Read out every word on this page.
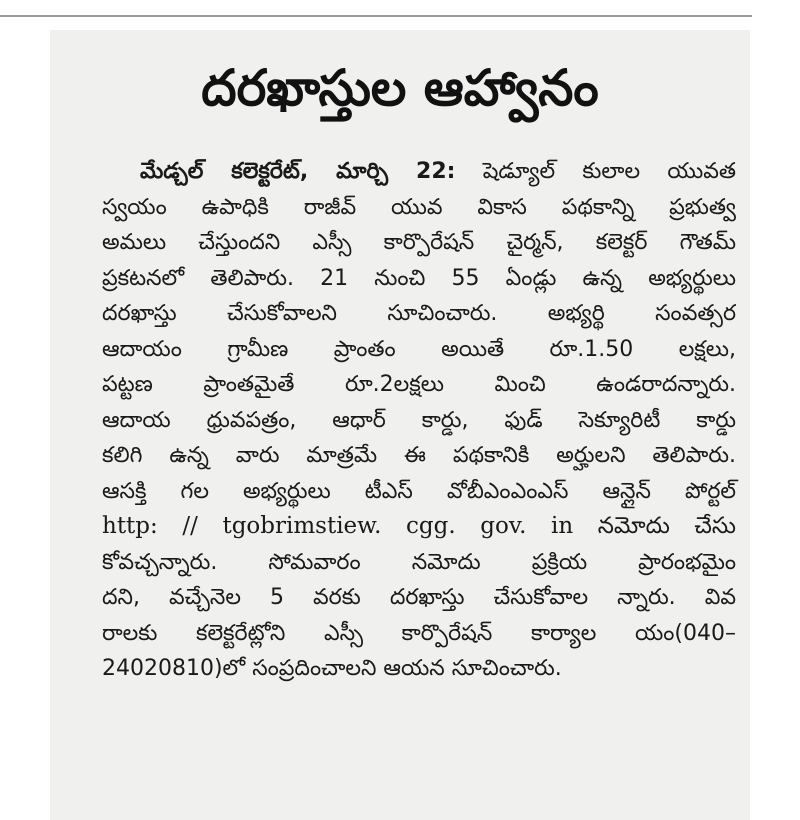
దరఖాస్తుల ఆహ్వానం
మేడ్చల్ కలెక్టరేట్, మార్చి 22: షెడ్యూల్ కులాల యువత
స్వయం ఉపాధికి రాజీవ్ యువ వికాస పథకాన్ని ప్రభుత్వ
అమలు చేస్తుందని ఎస్సీ కార్పొరేషన్ చైర్మన్, కలెక్టర్ గౌతమ్
ప్రకటనలో తెలిపారు. 21 నుంచి 55 ఏండ్లు ఉన్న అభ్యర్థులు
దరఖాస్తు చేసుకోవాలని సూచించారు. అభ్యర్థి సంవత్సర
ఆదాయం గ్రామీణ ప్రాంతం అయితే రూ.1.50 లక్షలు,
పట్టణ ప్రాంతమైతే రూ.2లక్షలు మించి ఉండరాదన్నారు.
ఆదాయ ధ్రువపత్రం, ఆధార్ కార్డు, ఫుడ్ సెక్యూరిటీ కార్డు
కలిగి ఉన్న వారు మాత్రమే ఈ పథకానికి అర్హులని తెలిపారు.
ఆసక్తి గల అభ్యర్థులు టీఎస్ వోబీఎంఎంఎస్ ఆన్లైన్ పోర్టల్
http: // tgobrimstiew. cgg. gov. in నమోదు చేసు
కోవచ్చన్నారు. సోమవారం నమోదు ప్రక్రియ ప్రారంభమైం
దని, వచ్చేనెల 5 వరకు దరఖాస్తు చేసుకోవాల న్నారు. వివ
రాలకు కలెక్టరేట్లోని ఎస్సీ కార్పొరేషన్ కార్యాల యం(040–
24020810)లో సంప్రదించాలని ఆయన సూచించారు.
